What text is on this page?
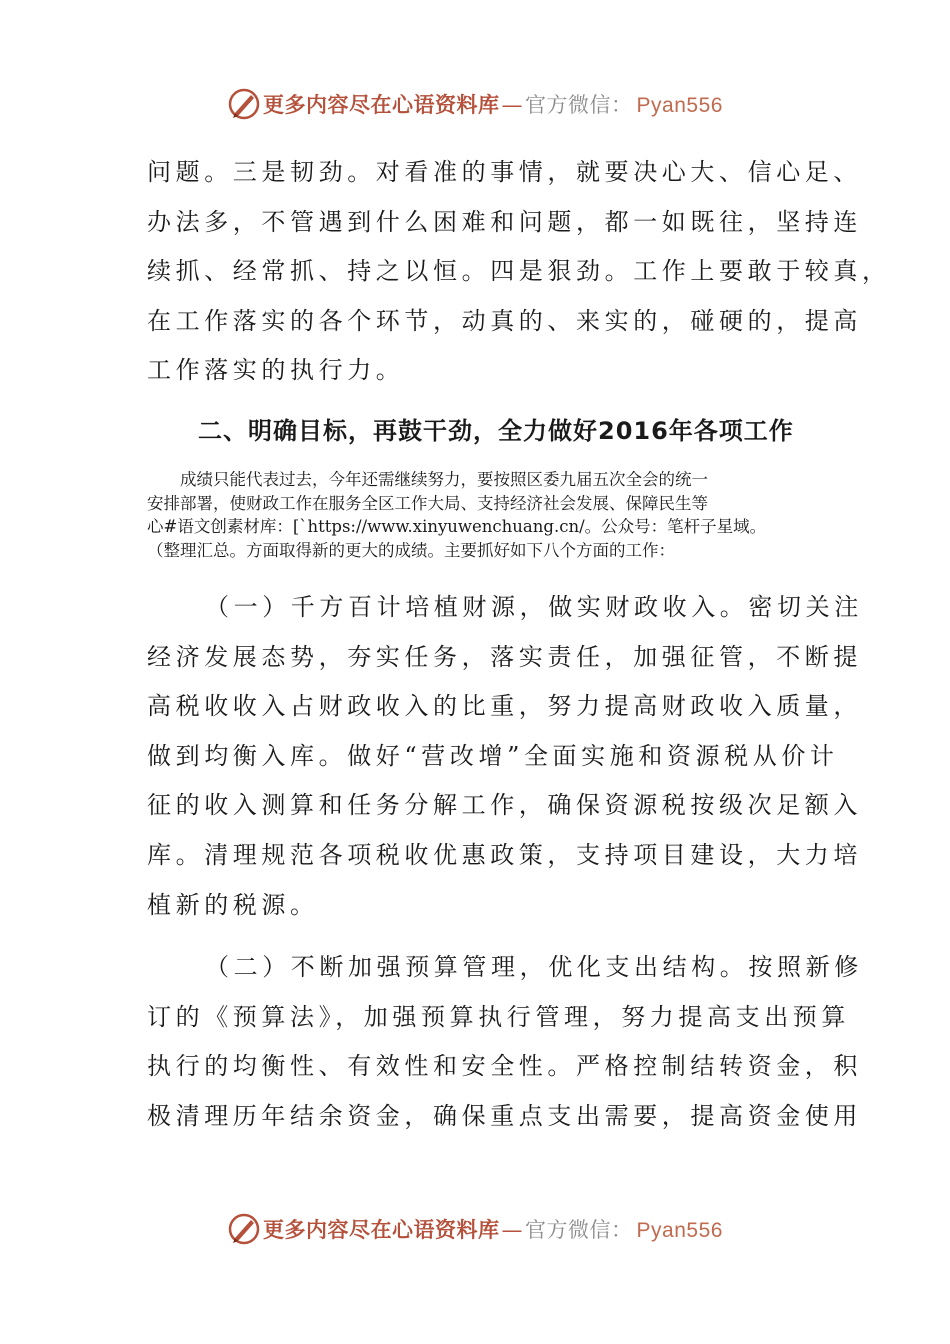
更多内容尽在心语资料库 — 官方微信： Pyan556
问题。三是韧劲。对看准的事情，就要决心大、信心足、
办法多，不管遇到什么困难和问题，都一如既往，坚持连
续抓、经常抓、持之以恒。四是狠劲。工作上要敢于较真，
在工作落实的各个环节，动真的、来实的，碰硬的，提高
工作落实的执行力。
二、明确目标，再鼓干劲，全力做好2016年各项工作
　　成绩只能代表过去，今年还需继续努力，要按照区委九届五次全会的统一
安排部署，使财政工作在服务全区工作大局、支持经济社会发展、保障民生等
心#语文创素材库：[`https://www.xinyuwenchuang.cn/。公众号：笔杆子星域。
（整理汇总。方面取得新的更大的成绩。主要抓好如下八个方面的工作：
（一）千方百计培植财源，做实财政收入。密切关注
经济发展态势，夯实任务，落实责任，加强征管，不断提
高税收收入占财政收入的比重，努力提高财政收入质量，
做到均衡入库。做好“营改增”全面实施和资源税从价计
征的收入测算和任务分解工作，确保资源税按级次足额入
库。清理规范各项税收优惠政策，支持项目建设，大力培
植新的税源。
（二）不断加强预算管理，优化支出结构。按照新修
订的《预算法》，加强预算执行管理，努力提高支出预算
执行的均衡性、有效性和安全性。严格控制结转资金，积
极清理历年结余资金，确保重点支出需要，提高资金使用
更多内容尽在心语资料库 — 官方微信： Pyan556
